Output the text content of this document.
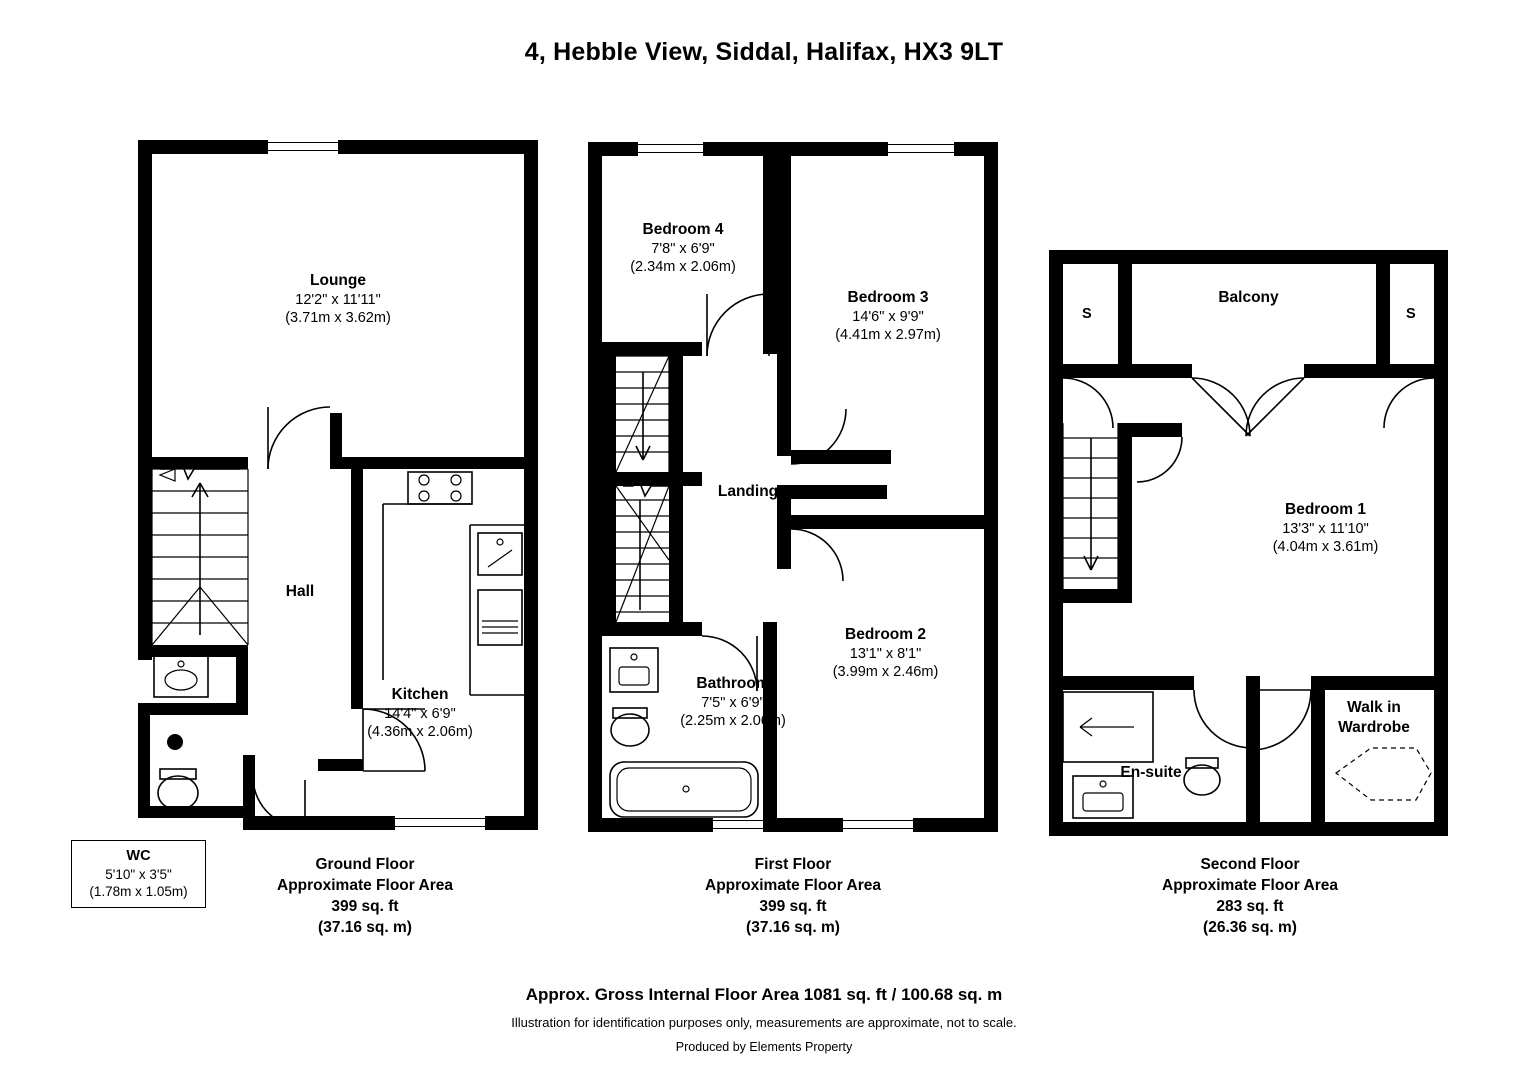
4, Hebble View, Siddal, Halifax, HX3 9LT
Lounge
12'2" x 11'11"
(3.71m x 3.62m)
Hall
Kitchen
14'4" x 6'9"
(4.36m x 2.06m)
WC
5'10" x 3'5"
(1.78m x 1.05m)
Ground Floor
Approximate Floor Area
399 sq. ft
(37.16 sq. m)
Bedroom 4
7'8" x 6'9"
(2.34m x 2.06m)
Bedroom 3
14'6" x 9'9"
(4.41m x 2.97m)
Landing
Bathroom
7'5" x 6'9"
(2.25m x 2.06m)
Bedroom 2
13'1" x 8'1"
(3.99m x 2.46m)
First Floor
Approximate Floor Area
399 sq. ft
(37.16 sq. m)
S	S
Balcony
Bedroom 1
13'3" x 11'10"
(4.04m x 3.61m)
En-suite
Walk in
Wardrobe
Second Floor
Approximate Floor Area
283 sq. ft
(26.36 sq. m)
Approx. Gross Internal Floor Area 1081 sq. ft / 100.68 sq. m
Illustration for identification purposes only, measurements are approximate, not to scale.
Produced by Elements Property
